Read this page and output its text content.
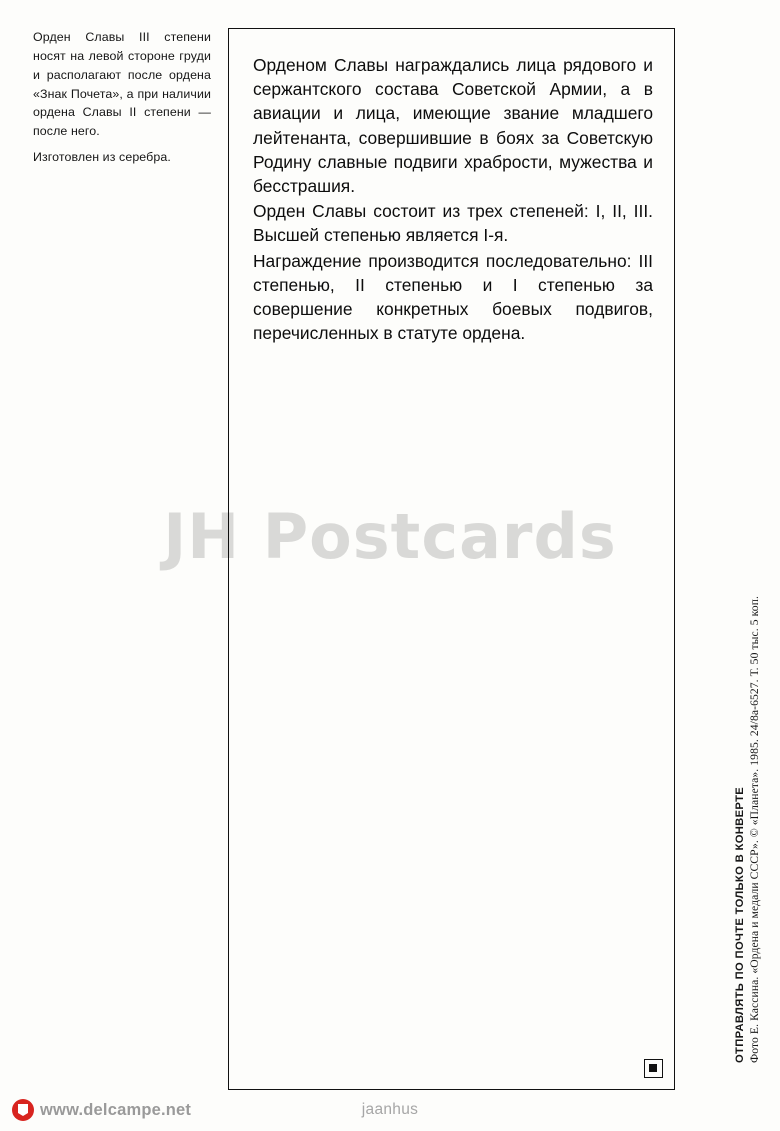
Орден Славы III степени носят на левой стороне груди и располагают после ордена «Знак Почета», а при наличии ордена Славы II степени — после него.

Изготовлен из серебра.

Орденом Славы награждались лица рядового и сержантского состава Советской Армии, а в авиации и лица, имеющие звание младшего лейтенанта, совершившие в боях за Советскую Родину славные подвиги храбрости, мужества и бесстрашия.

Орден Славы состоит из трех степеней: I, II, III. Высшей степенью является I-я.

Награждение производится последовательно: III степенью, II степенью и I степенью за совершение конкретных боевых подвигов, перечисленных в статуте ордена.

Фото Е. Кассина. «Ордена и медали СССР». © «Планета». 1985. 24/8а-6527. Т. 50 тыс. 5 коп.
ОТПРАВЛЯТЬ ПО ПОЧТЕ ТОЛЬКО В КОНВЕРТЕ
JH Postcards
www.delcampe.net	jaanhus
